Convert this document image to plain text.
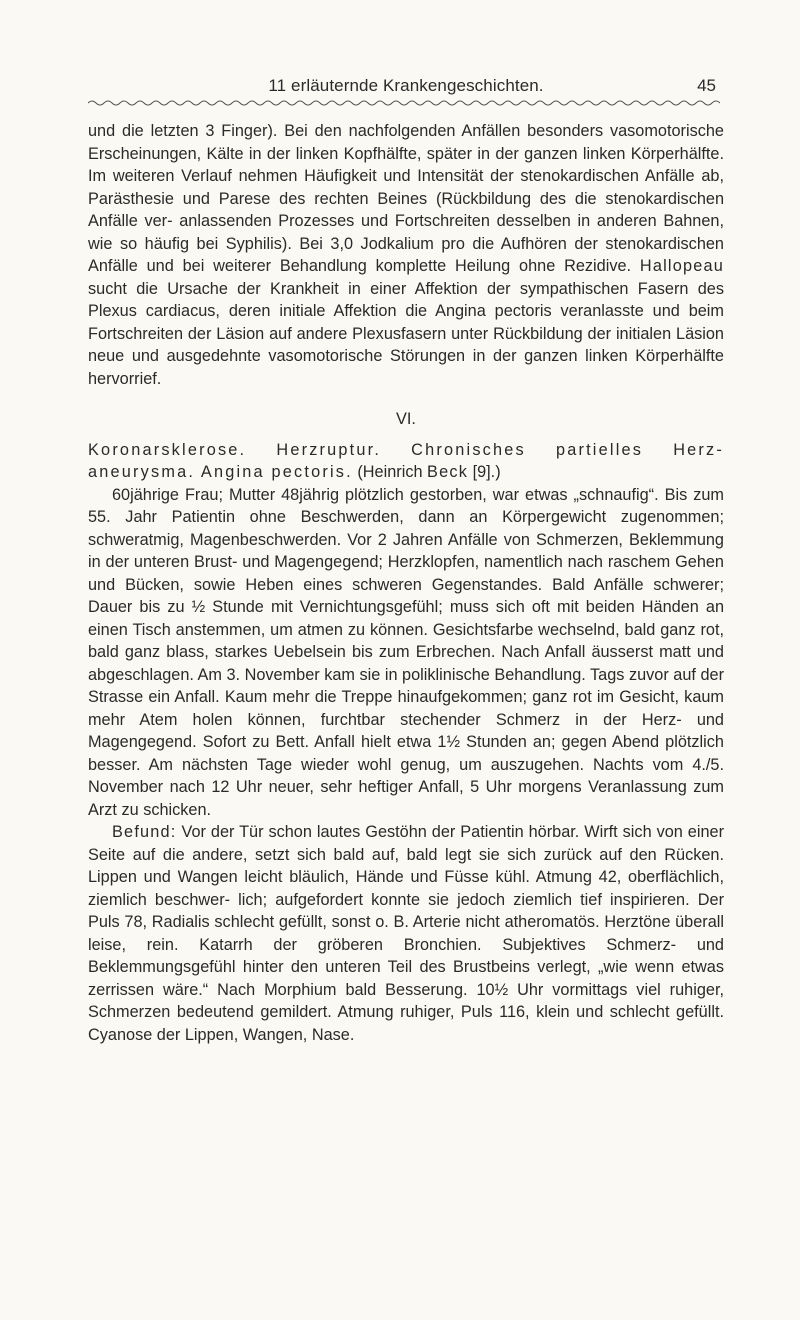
11 erläuternde Krankengeschichten.	45

und die letzten 3 Finger). Bei den nachfolgenden Anfällen besonders vasomotorische Erscheinungen, Kälte in der linken Kopfhälfte, später in der ganzen linken Körperhälfte. Im weiteren Verlauf nehmen Häufigkeit und Intensität der stenokardischen Anfälle ab, Parästhesie und Parese des rechten Beines (Rückbildung des die stenokardischen Anfälle ver- anlassenden Prozesses und Fortschreiten desselben in anderen Bahnen, wie so häufig bei Syphilis). Bei 3,0 Jodkalium pro die Aufhören der stenokardischen Anfälle und bei weiterer Behandlung komplette Heilung ohne Rezidive. Hallopeau sucht die Ursache der Krankheit in einer Affektion der sympathischen Fasern des Plexus cardiacus, deren initiale Affektion die Angina pectoris veranlasste und beim Fortschreiten der Läsion auf andere Plexusfasern unter Rückbildung der initialen Läsion neue und ausgedehnte vasomotorische Störungen in der ganzen linken Körperhälfte hervorrief.

VI.

Koronarsklerose. Herzruptur. Chronisches partielles Herz- aneurysma. Angina pectoris. (Heinrich Beck [9].)

60jährige Frau; Mutter 48jährig plötzlich gestorben, war etwas „schnaufig“. Bis zum 55. Jahr Patientin ohne Beschwerden, dann an Körpergewicht zugenommen; schweratmig, Magenbeschwerden. Vor 2 Jahren Anfälle von Schmerzen, Beklemmung in der unteren Brust- und Magengegend; Herzklopfen, namentlich nach raschem Gehen und Bücken, sowie Heben eines schweren Gegenstandes. Bald Anfälle schwerer; Dauer bis zu ½ Stunde mit Vernichtungsgefühl; muss sich oft mit beiden Händen an einen Tisch anstemmen, um atmen zu können. Gesichtsfarbe wechselnd, bald ganz rot, bald ganz blass, starkes Uebelsein bis zum Erbrechen. Nach Anfall äusserst matt und abgeschlagen. Am 3. November kam sie in poliklinische Behandlung. Tags zuvor auf der Strasse ein Anfall. Kaum mehr die Treppe hinaufgekommen; ganz rot im Gesicht, kaum mehr Atem holen können, furchtbar stechender Schmerz in der Herz- und Magengegend. Sofort zu Bett. Anfall hielt etwa 1½ Stunden an; gegen Abend plötzlich besser. Am nächsten Tage wieder wohl genug, um auszugehen. Nachts vom 4./5. November nach 12 Uhr neuer, sehr heftiger Anfall, 5 Uhr morgens Veranlassung zum Arzt zu schicken.

Befund: Vor der Tür schon lautes Gestöhn der Patientin hörbar. Wirft sich von einer Seite auf die andere, setzt sich bald auf, bald legt sie sich zurück auf den Rücken. Lippen und Wangen leicht bläulich, Hände und Füsse kühl. Atmung 42, oberflächlich, ziemlich beschwer- lich; aufgefordert konnte sie jedoch ziemlich tief inspirieren. Der Puls 78, Radialis schlecht gefüllt, sonst o. B. Arterie nicht atheromatös. Herztöne überall leise, rein. Katarrh der gröberen Bronchien. Subjektives Schmerz- und Beklemmungsgefühl hinter den unteren Teil des Brustbeins verlegt, „wie wenn etwas zerrissen wäre.“ Nach Morphium bald Besserung. 10½ Uhr vormittags viel ruhiger, Schmerzen bedeutend gemildert. Atmung ruhiger, Puls 116, klein und schlecht gefüllt. Cyanose der Lippen, Wangen, Nase.
